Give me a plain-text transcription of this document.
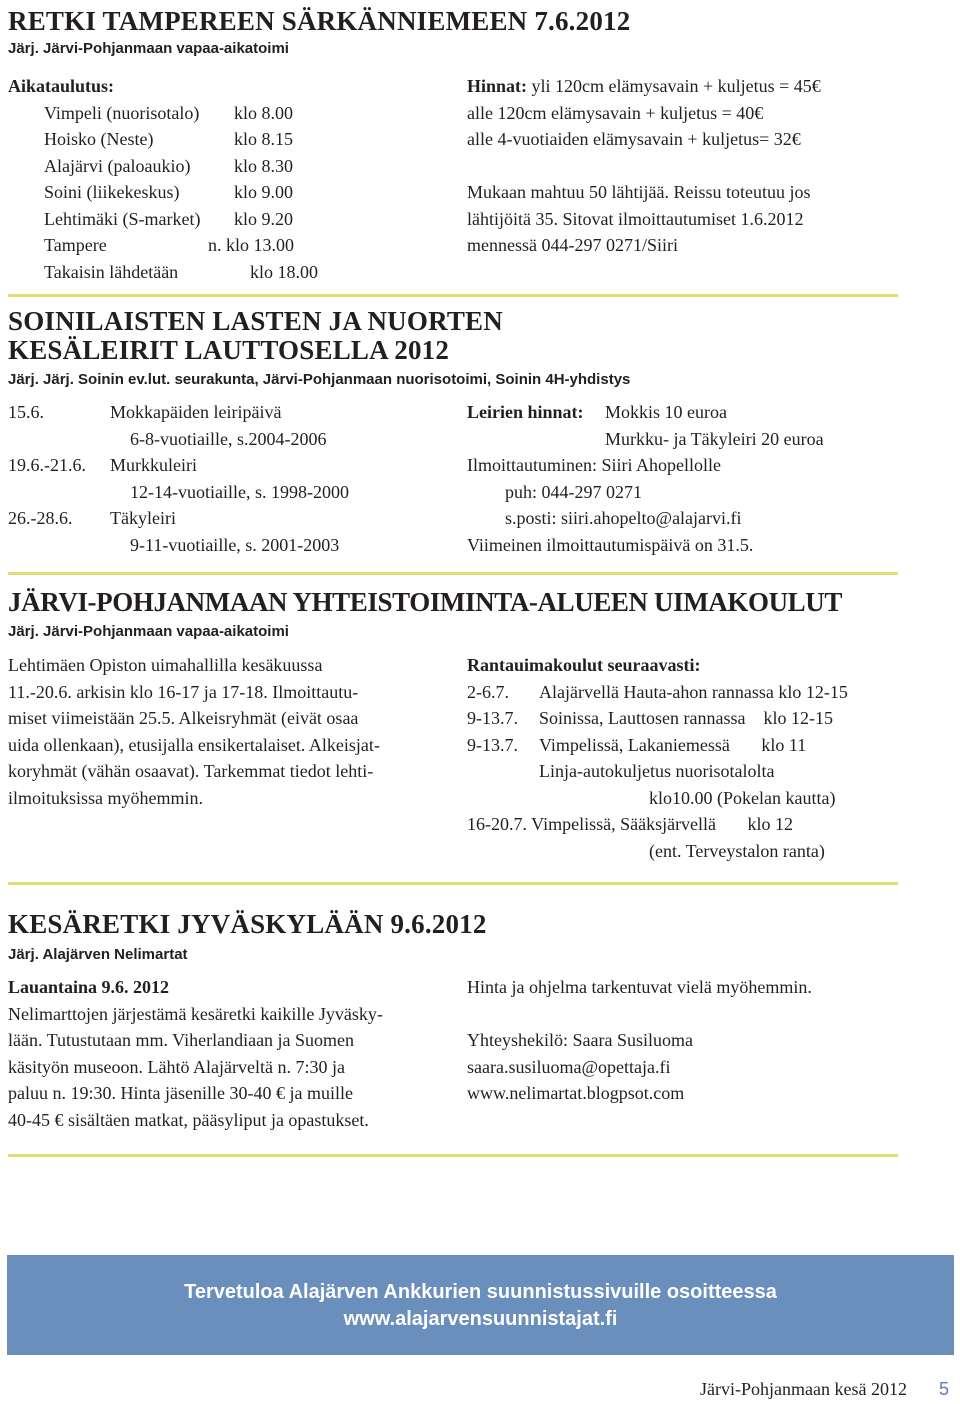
RETKI TAMPEREEN SÄRKÄNNIEMEEN 7.6.2012
Järj. Järvi-Pohjanmaan vapaa-aikatoimi
Aikataulutus:
Vimpeli (nuorisotalo) klo 8.00
Hoisko (Neste)	klo 8.15
Alajärvi (paloaukio) klo 8.30
Soini (liikekeskus)	klo 9.00
Lehtimäki (S-market) klo 9.20
Tampere	n. klo 13.00
Takaisin lähdetään	klo 18.00
Hinnat: yli 120cm elämysavain + kuljetus = 45€
alle 120cm elämysavain + kuljetus = 40€
alle 4-vuotiaiden elämysavain + kuljetus= 32€
Mukaan mahtuu 50 lähtijää. Reissu toteutuu jos
lähtijöitä 35. Sitovat ilmoittautumiset 1.6.2012
mennessä 044-297 0271/Siiri
SOINILAISTEN LASTEN JA NUORTEN
KESÄLEIRIT LAUTTOSELLA 2012
Järj. Järj. Soinin ev.lut. seurakunta, Järvi-Pohjanmaan nuorisotoimi, Soinin 4H-yhdistys
15.6.	Mokkapäiden leiripäivä
6-8-vuotiaille, s.2004-2006
19.6.-21.6. Murkkuleiri
12-14-vuotiaille, s. 1998-2000
26.-28.6. Täkyleiri
9-11-vuotiaille, s. 2001-2003
Leirien hinnat: Mokkis 10 euroa
Murkku- ja Täkyleiri 20 euroa
Ilmoittautuminen: Siiri Ahopellolle
puh: 044-297 0271
s.posti: siiri.ahopelto@alajarvi.fi
Viimeinen ilmoittautumispäivä on 31.5.
JÄRVI-POHJANMAAN YHTEISTOIMINTA-ALUEEN UIMAKOULUT
Järj. Järvi-Pohjanmaan vapaa-aikatoimi
Lehtimäen Opiston uimahallilla kesäkuussa
11.-20.6. arkisin klo 16-17 ja 17-18. Ilmoittautu-
miset viimeistään 25.5. Alkeisryhmät (eivät osaa
uida ollenkaan), etusijalla ensikertalaiset. Alkeisjat-
koryhmät (vähän osaavat). Tarkemmat tiedot lehti-
ilmoituksissa myöhemmin.
Rantauimakoulut seuraavasti:
2-6.7. Alajärvellä Hauta-ahon rannassa klo 12-15
9-13.7. Soinissa, Lauttosen rannassa    klo 12-15
9-13.7. Vimpelissä, Lakaniemessä       klo 11
Linja-autokuljetus nuorisotalolta
klo10.00 (Pokelan kautta)
16-20.7. Vimpelissä, Sääksjärvellä       klo 12
(ent. Terveystalon ranta)
KESÄRETKI JYVÄSKYLÄÄN 9.6.2012
Järj. Alajärven Nelimartat
Lauantaina 9.6. 2012
Nelimarttojen järjestämä kesäretki kaikille Jyväsky-
lään. Tutustutaan mm. Viherlandiaan ja Suomen
käsityön museoon. Lähtö Alajärveltä n. 7:30 ja
paluu n. 19:30. Hinta jäsenille 30-40 € ja muille
40-45 € sisältäen matkat, pääsyliput ja opastukset.
Hinta ja ohjelma tarkentuvat vielä myöhemmin.
Yhteyshekilö: Saara Susiluoma
saara.susiluoma@opettaja.fi
www.nelimartat.blogpsot.com
Tervetuloa Alajärven Ankkurien suunnistussivuille osoitteessa
www.alajarvensuunnistajat.fi
Järvi-Pohjanmaan kesä 2012 5
